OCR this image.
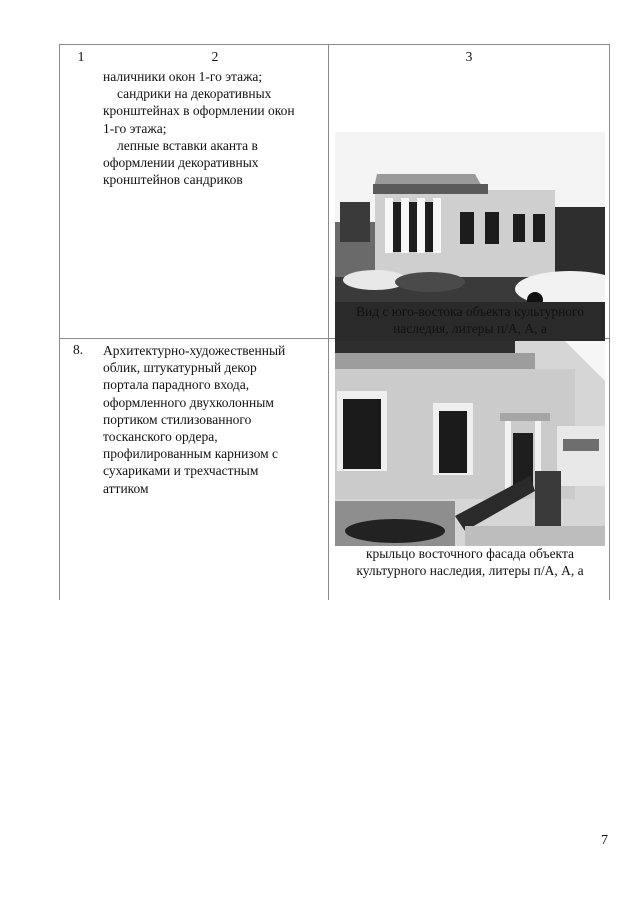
1	2	3

наличники окон 1-го этажа;

сандрики на декоративных

кронштейнах в оформлении окон

1-го этажа;

лепные вставки аканта в

оформлении декоративных

кронштейнов сандриков

Вид с юго-востока объекта культурного
наследия, литеры п/А, А, а
8. Архитектурно-художественный

облик, штукатурный декор

портала парадного входа,

оформленного двухколонным

портиком стилизованного

тосканского ордера,

профилированным карнизом с

сухариками и трехчастным

аттиком

крыльцо восточного фасада объекта
культурного наследия, литеры п/А, А, а
7
